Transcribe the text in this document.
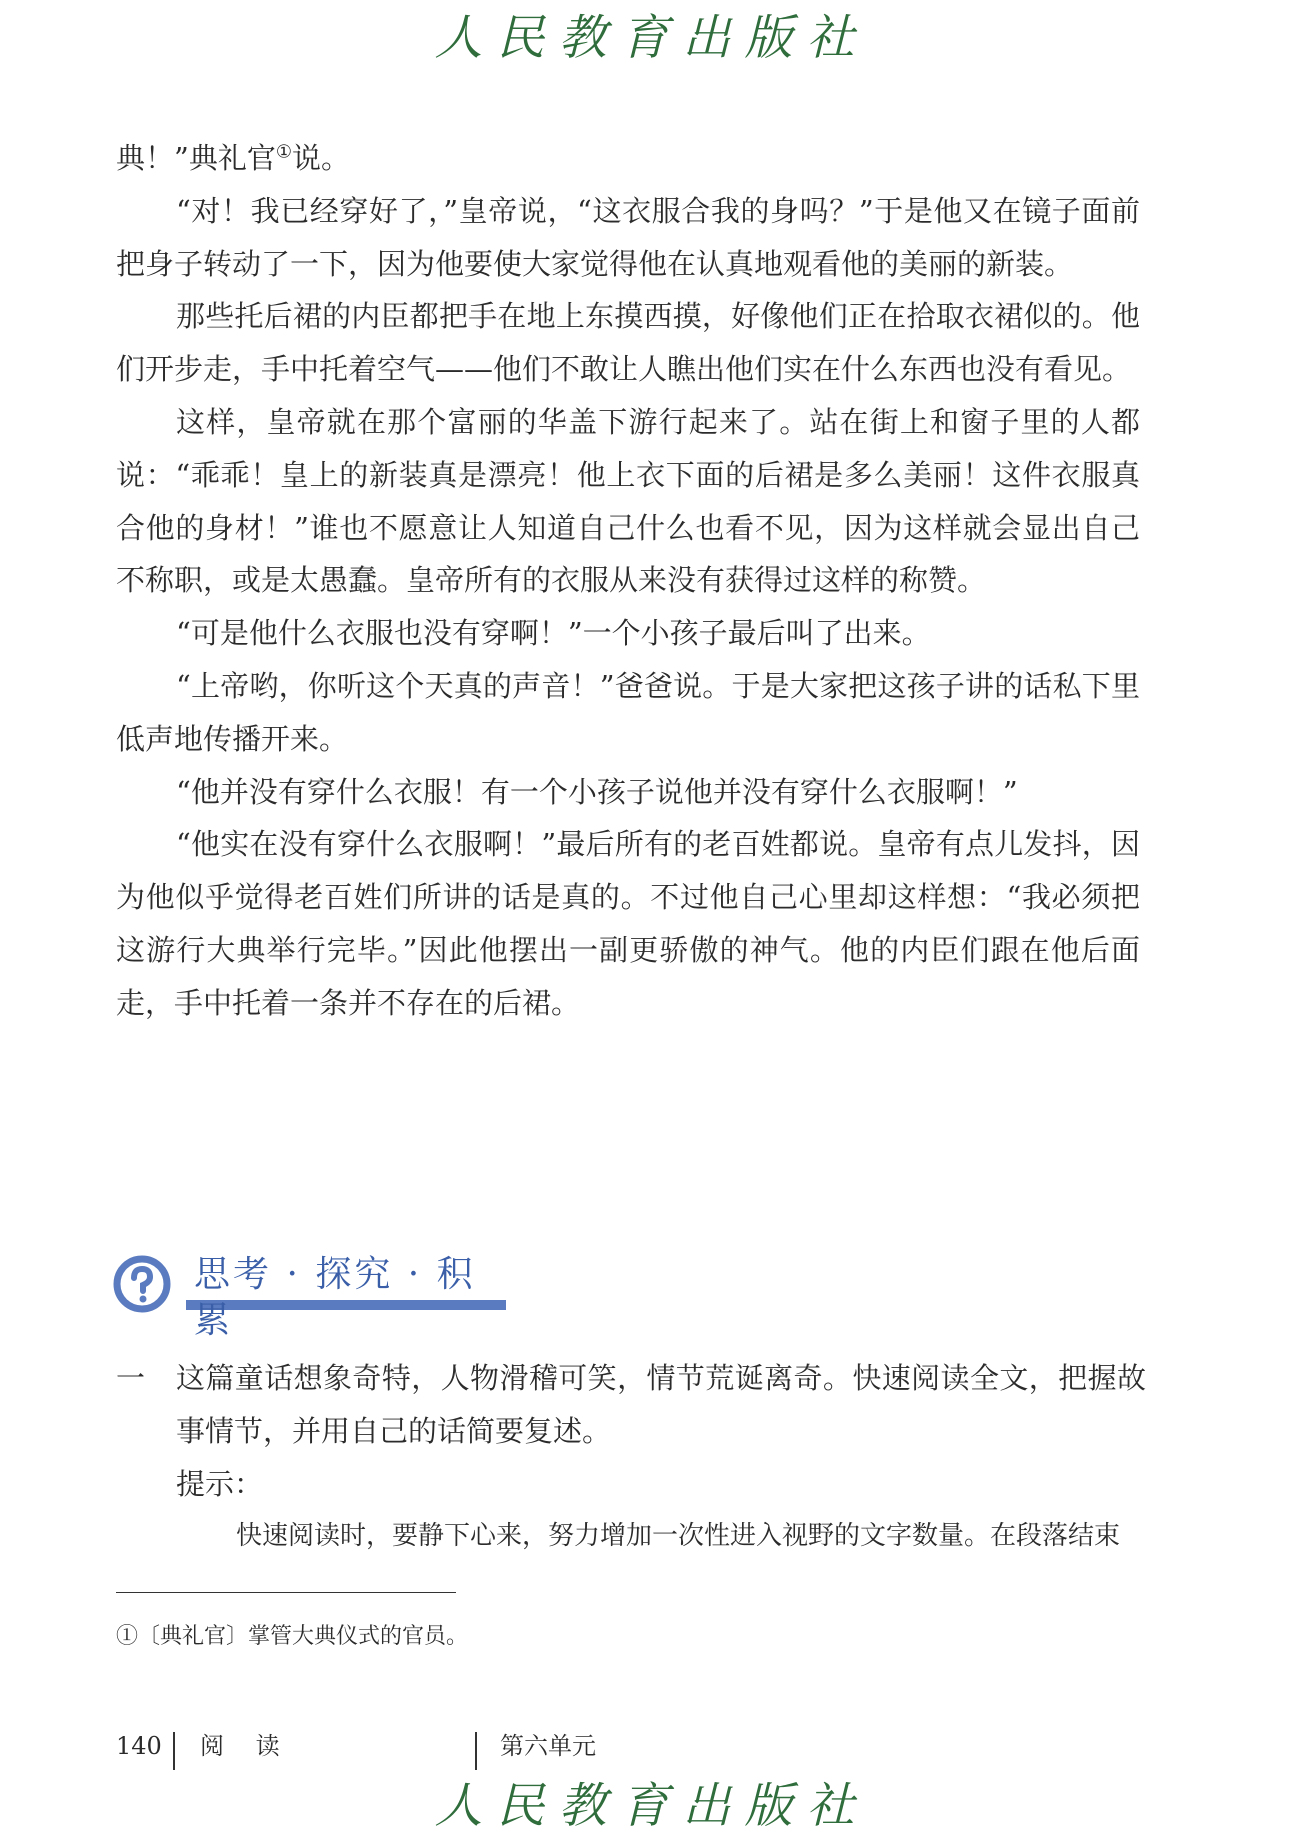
人民教育出版社

典！”典礼官①说。

“对！我已经穿好了，”皇帝说，“这衣服合我的身吗？”于是他又在镜子面前把身子转动了一下，因为他要使大家觉得他在认真地观看他的美丽的新装。

那些托后裙的内臣都把手在地上东摸西摸，好像他们正在拾取衣裙似的。他们开步走，手中托着空气——他们不敢让人瞧出他们实在什么东西也没有看见。

这样，皇帝就在那个富丽的华盖下游行起来了。站在街上和窗子里的人都说：“乖乖！皇上的新装真是漂亮！他上衣下面的后裙是多么美丽！这件衣服真合他的身材！”谁也不愿意让人知道自己什么也看不见，因为这样就会显出自己不称职，或是太愚蠢。皇帝所有的衣服从来没有获得过这样的称赞。

“可是他什么衣服也没有穿啊！”一个小孩子最后叫了出来。

“上帝哟，你听这个天真的声音！”爸爸说。于是大家把这孩子讲的话私下里低声地传播开来。

“他并没有穿什么衣服！有一个小孩子说他并没有穿什么衣服啊！”

“他实在没有穿什么衣服啊！”最后所有的老百姓都说。皇帝有点儿发抖，因为他似乎觉得老百姓们所讲的话是真的。不过他自己心里却这样想：“我必须把这游行大典举行完毕。”因此他摆出一副更骄傲的神气。他的内臣们跟在他后面走，手中托着一条并不存在的后裙。

思考 · 探究 · 积累
一 这篇童话想象奇特，人物滑稽可笑，情节荒诞离奇。快速阅读全文，把握故事情节，并用自己的话简要复述。
提示：
快速阅读时，要静下心来，努力增加一次性进入视野的文字数量。在段落结束
①〔典礼官〕掌管大典仪式的官员。
140 阅 读	第六单元
人民教育出版社
